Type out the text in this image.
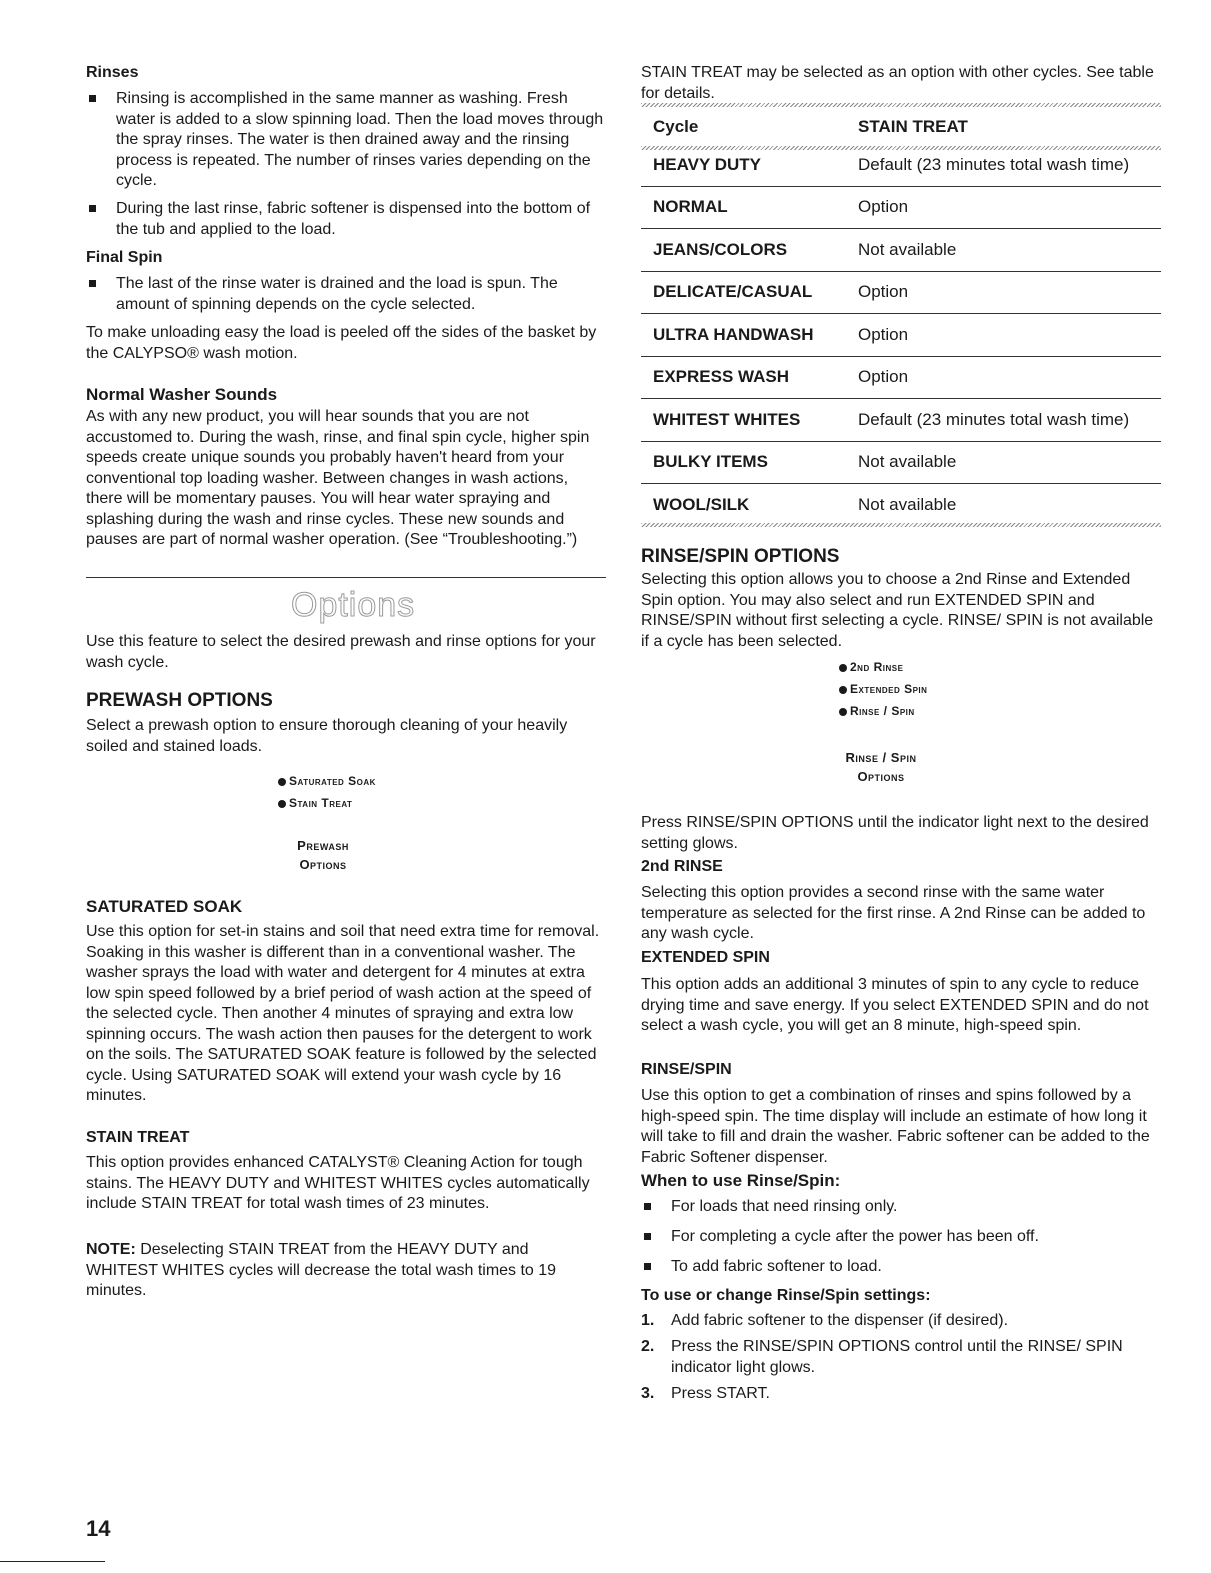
Rinses
Rinsing is accomplished in the same manner as washing. Fresh water is added to a slow spinning load. Then the load moves through the spray rinses. The water is then drained away and the rinsing process is repeated. The number of rinses varies depending on the cycle.
During the last rinse, fabric softener is dispensed into the bottom of the tub and applied to the load.
Final Spin
The last of the rinse water is drained and the load is spun. The amount of spinning depends on the cycle selected.

To make unloading easy the load is peeled off the sides of the basket by the CALYPSO® wash motion.

Normal Washer Sounds

As with any new product, you will hear sounds that you are not accustomed to. During the wash, rinse, and final spin cycle, higher spin speeds create unique sounds you probably haven't heard from your conventional top loading washer. Between changes in wash actions, there will be momentary pauses. You will hear water spraying and splashing during the wash and rinse cycles. These new sounds and pauses are part of normal washer operation. (See “Troubleshooting.”)

Options

Use this feature to select the desired prewash and rinse options for your wash cycle.

PREWASH OPTIONS

Select a prewash option to ensure thorough cleaning of your heavily soiled and stained loads.

Saturated Soak
Stain Treat
Prewash
Options
SATURATED SOAK

Use this option for set-in stains and soil that need extra time for removal. Soaking in this washer is different than in a conventional washer. The washer sprays the load with water and detergent for 4 minutes at extra low spin speed followed by a brief period of wash action at the speed of the selected cycle. Then another 4 minutes of spraying and extra low spinning occurs. The wash action then pauses for the detergent to work on the soils. The SATURATED SOAK feature is followed by the selected cycle. Using SATURATED SOAK will extend your wash cycle by 16 minutes.

STAIN TREAT

This option provides enhanced CATALYST® Cleaning Action for tough stains. The HEAVY DUTY and WHITEST WHITES cycles automatically include STAIN TREAT for total wash times of 23 minutes.

NOTE: Deselecting STAIN TREAT from the HEAVY DUTY and WHITEST WHITES cycles will decrease the total wash times to 19 minutes.

STAIN TREAT may be selected as an option with other cycles. See table for details.

Cycle	STAIN TREAT
HEAVY DUTY	Default (23 minutes total wash time)
NORMAL	Option
JEANS/COLORS	Not available
DELICATE/CASUAL	Option
ULTRA HANDWASH	Option
EXPRESS WASH	Option
WHITEST WHITES	Default (23 minutes total wash time)
BULKY ITEMS	Not available
WOOL/SILK	Not available
RINSE/SPIN OPTIONS

Selecting this option allows you to choose a 2nd Rinse and Extended Spin option. You may also select and run EXTENDED SPIN and RINSE/SPIN without first selecting a cycle. RINSE/ SPIN is not available if a cycle has been selected.

2nd Rinse
Extended Spin
Rinse / Spin
Rinse / Spin
Options

Press RINSE/SPIN OPTIONS until the indicator light next to the desired setting glows.

2nd RINSE

Selecting this option provides a second rinse with the same water temperature as selected for the first rinse. A 2nd Rinse can be added to any wash cycle.

EXTENDED SPIN

This option adds an additional 3 minutes of spin to any cycle to reduce drying time and save energy. If you select EXTENDED SPIN and do not select a wash cycle, you will get an 8 minute, high-speed spin.

RINSE/SPIN

Use this option to get a combination of rinses and spins followed by a high-speed spin. The time display will include an estimate of how long it will take to fill and drain the washer. Fabric softener can be added to the Fabric Softener dispenser.

When to use Rinse/Spin:
For loads that need rinsing only.
For completing a cycle after the power has been off.
To add fabric softener to load.
To use or change Rinse/Spin settings:
1. Add fabric softener to the dispenser (if desired).
2. Press the RINSE/SPIN OPTIONS control until the RINSE/ SPIN indicator light glows.
3. Press START.
14
